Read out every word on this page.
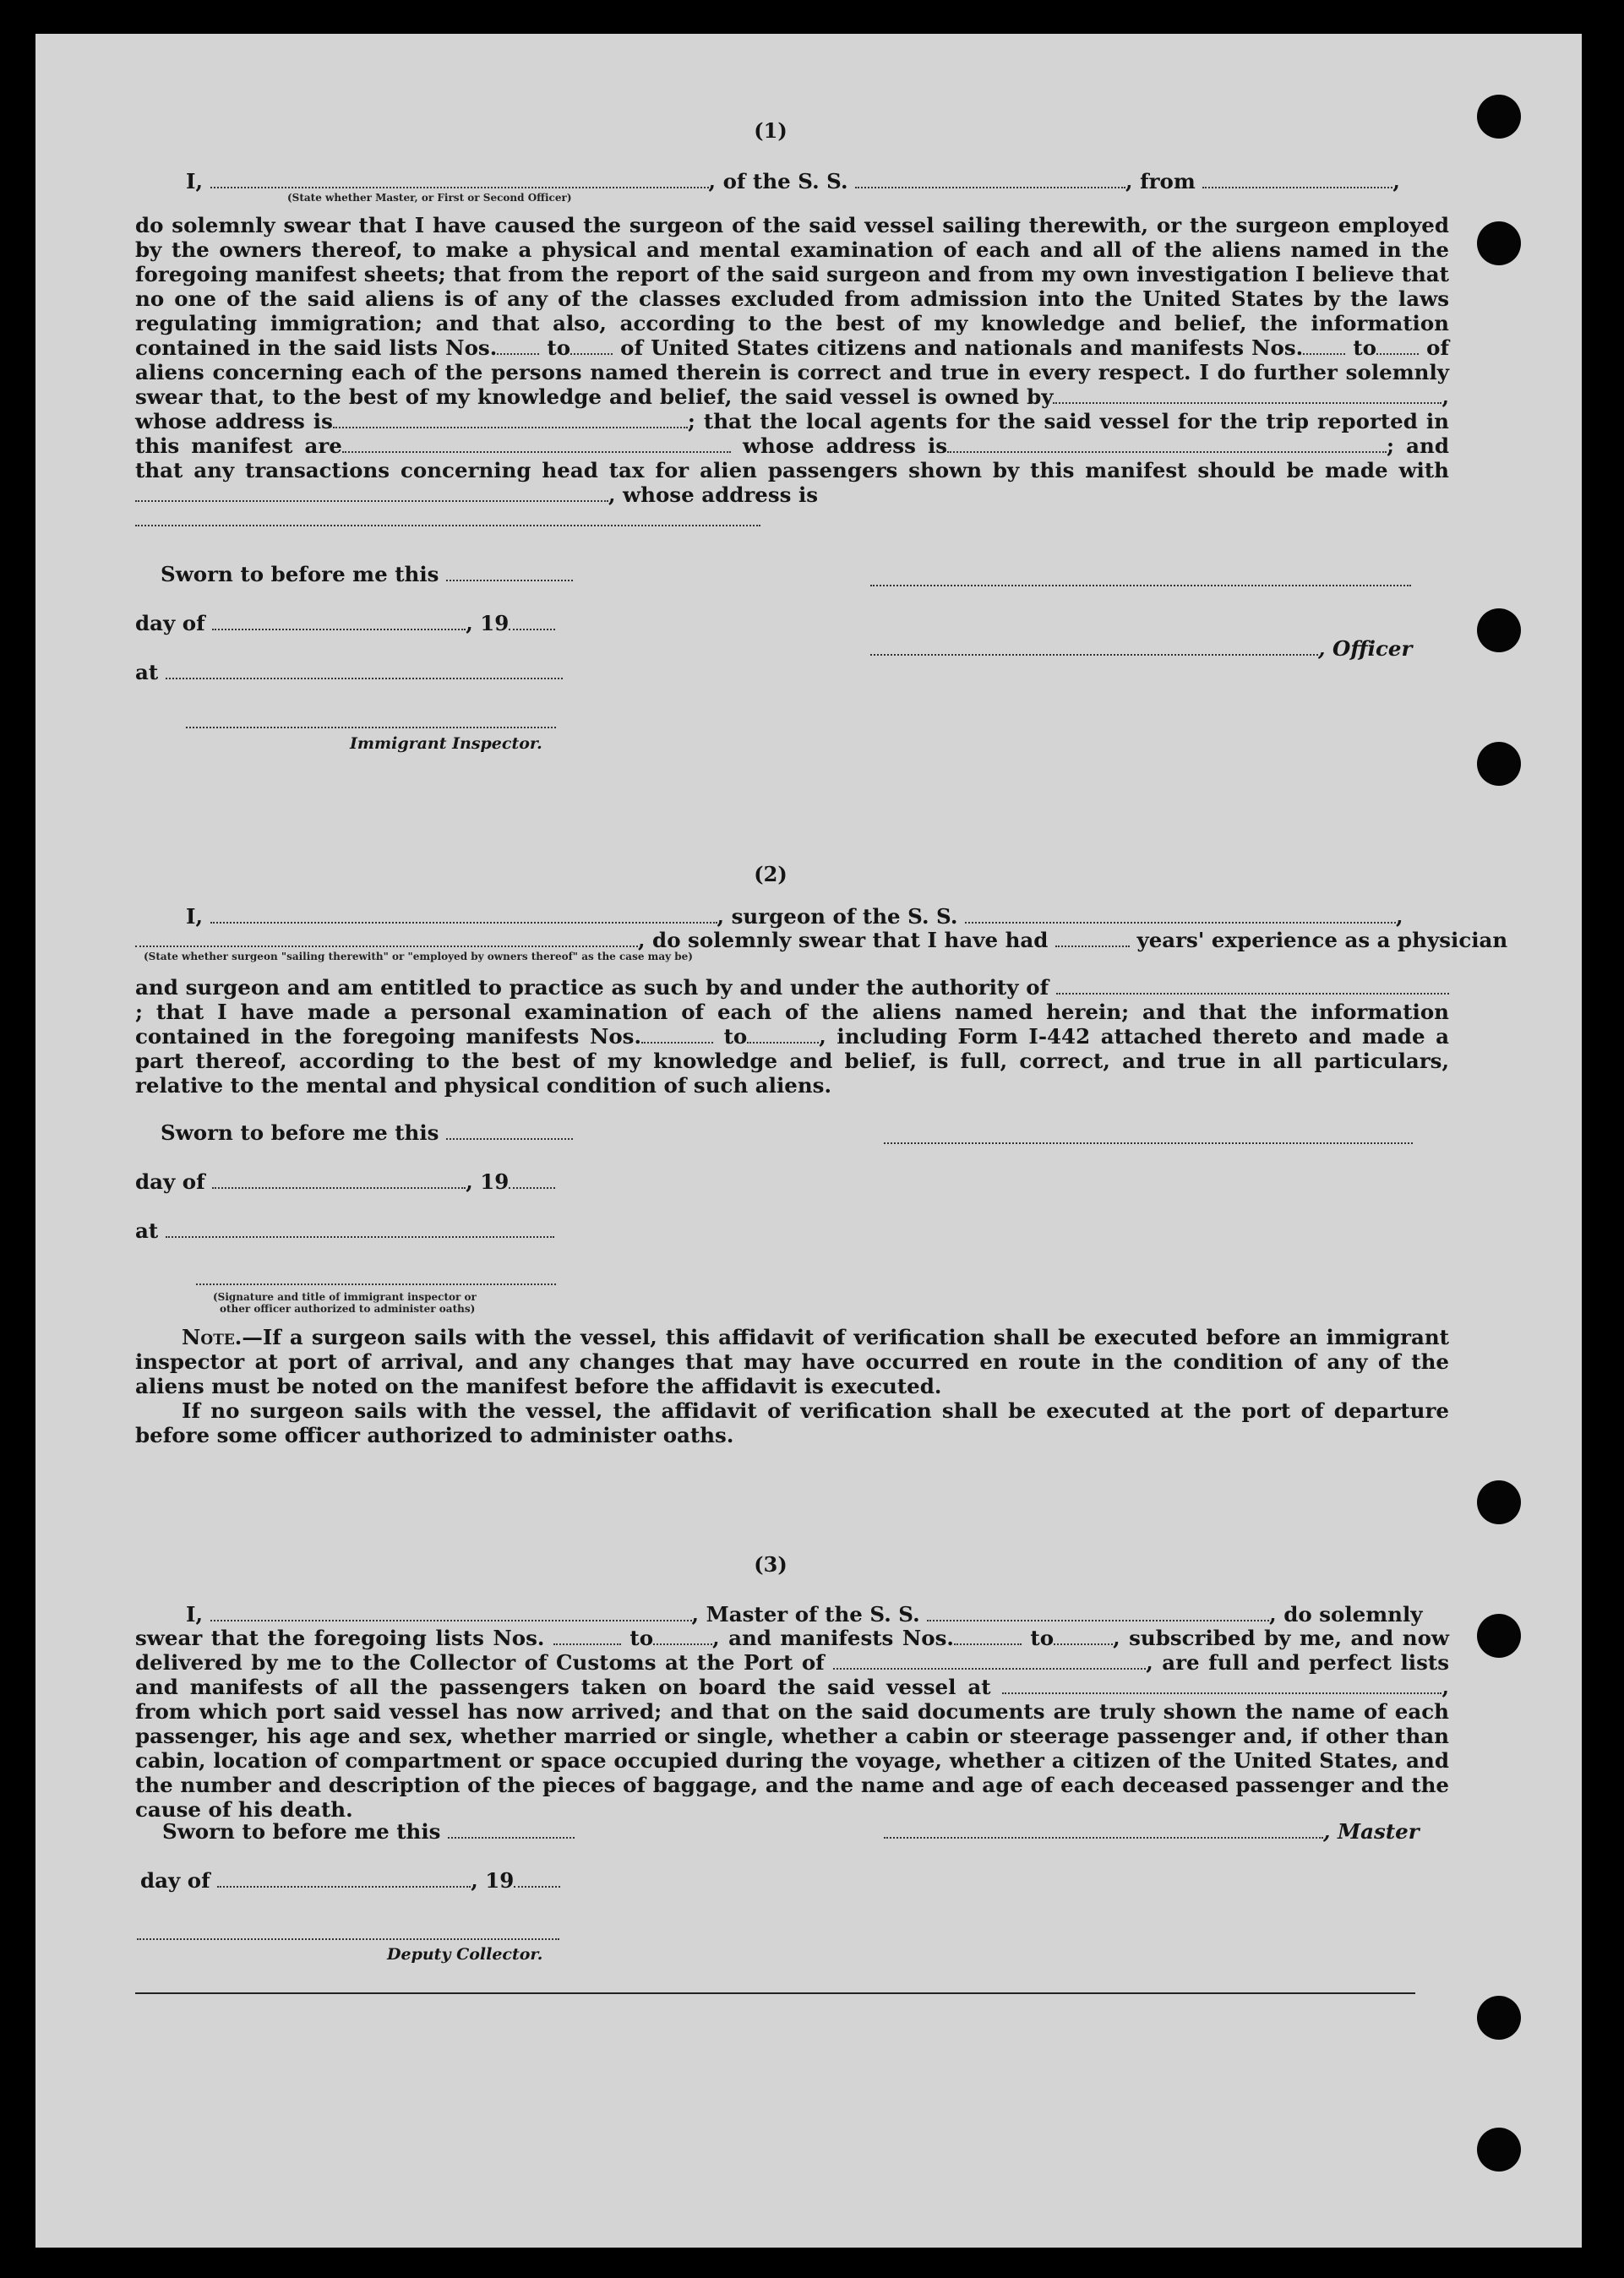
(1)
I,	, of the S. S.	, from	,
(State whether Master, or First or Second Officer)
do solemnly swear that I have caused the surgeon of the said vessel sailing therewith, or the surgeon employed by the owners thereof, to make a physical and mental examination of each and all of the aliens named in the foregoing manifest sheets; that from the report of the said surgeon and from my own investigation I believe that no one of the said aliens is of any of the classes excluded from admission into the United States by the laws regulating immigration; and that also, according to the best of my knowledge and belief, the information contained in the said lists Nos. to of United States citizens and nationals and manifests Nos. to of aliens concerning each of the persons named therein is correct and true in every respect. I do further solemnly swear that, to the best of my knowledge and belief, the said vessel is owned by	, whose address is	; that the local agents for the said vessel for the trip reported in this manifest are	whose address is	; and that any transactions concerning head tax for alien passengers shown by this manifest should be made with, whose address is

Sworn to before me this
day of	, 19
, Officer
at
Immigrant Inspector.
(2)
I,	, surgeon of the S. S.	,
, do solemnly swear that I have had	years' experience as a physician
(State whether surgeon "sailing therewith" or "employed by owners thereof" as the case may be)
and surgeon and am entitled to practice as such by and under the authority of ; that I have made a personal examination of each of the aliens named herein; and that the information contained in the foregoing manifests Nos.	to	, including Form I-442 attached thereto and made a part thereof, according to the best of my knowledge and belief, is full, correct, and true in all particulars, relative to the mental and physical condition of such aliens.
Sworn to before me this
day of	, 19
at
(Signature and title of immigrant inspector or
other officer authorized to administer oaths)
Note.—If a surgeon sails with the vessel, this affidavit of verification shall be executed before an immigrant inspector at port of arrival, and any changes that may have occurred en route in the condition of any of the aliens must be noted on the manifest before the affidavit is executed.
If no surgeon sails with the vessel, the affidavit of verification shall be executed at the port of departure before some officer authorized to administer oaths.
(3)
I,	, Master of the S. S.	, do solemnly
swear that the foregoing lists Nos.	to	, and manifests Nos.	to	, subscribed by me, and now delivered by me to the Collector of Customs at the Port of	, are full and perfect lists and manifests of all the passengers taken on board the said vessel at	, from which port said vessel has now arrived; and that on the said documents are truly shown the name of each passenger, his age and sex, whether married or single, whether a cabin or steerage passenger and, if other than cabin, location of compartment or space occupied during the voyage, whether a citizen of the United States, and the number and description of the pieces of baggage, and the name and age of each deceased passenger and the cause of his death.
Sworn to before me this	, Master
day of	, 19
Deputy Collector.
